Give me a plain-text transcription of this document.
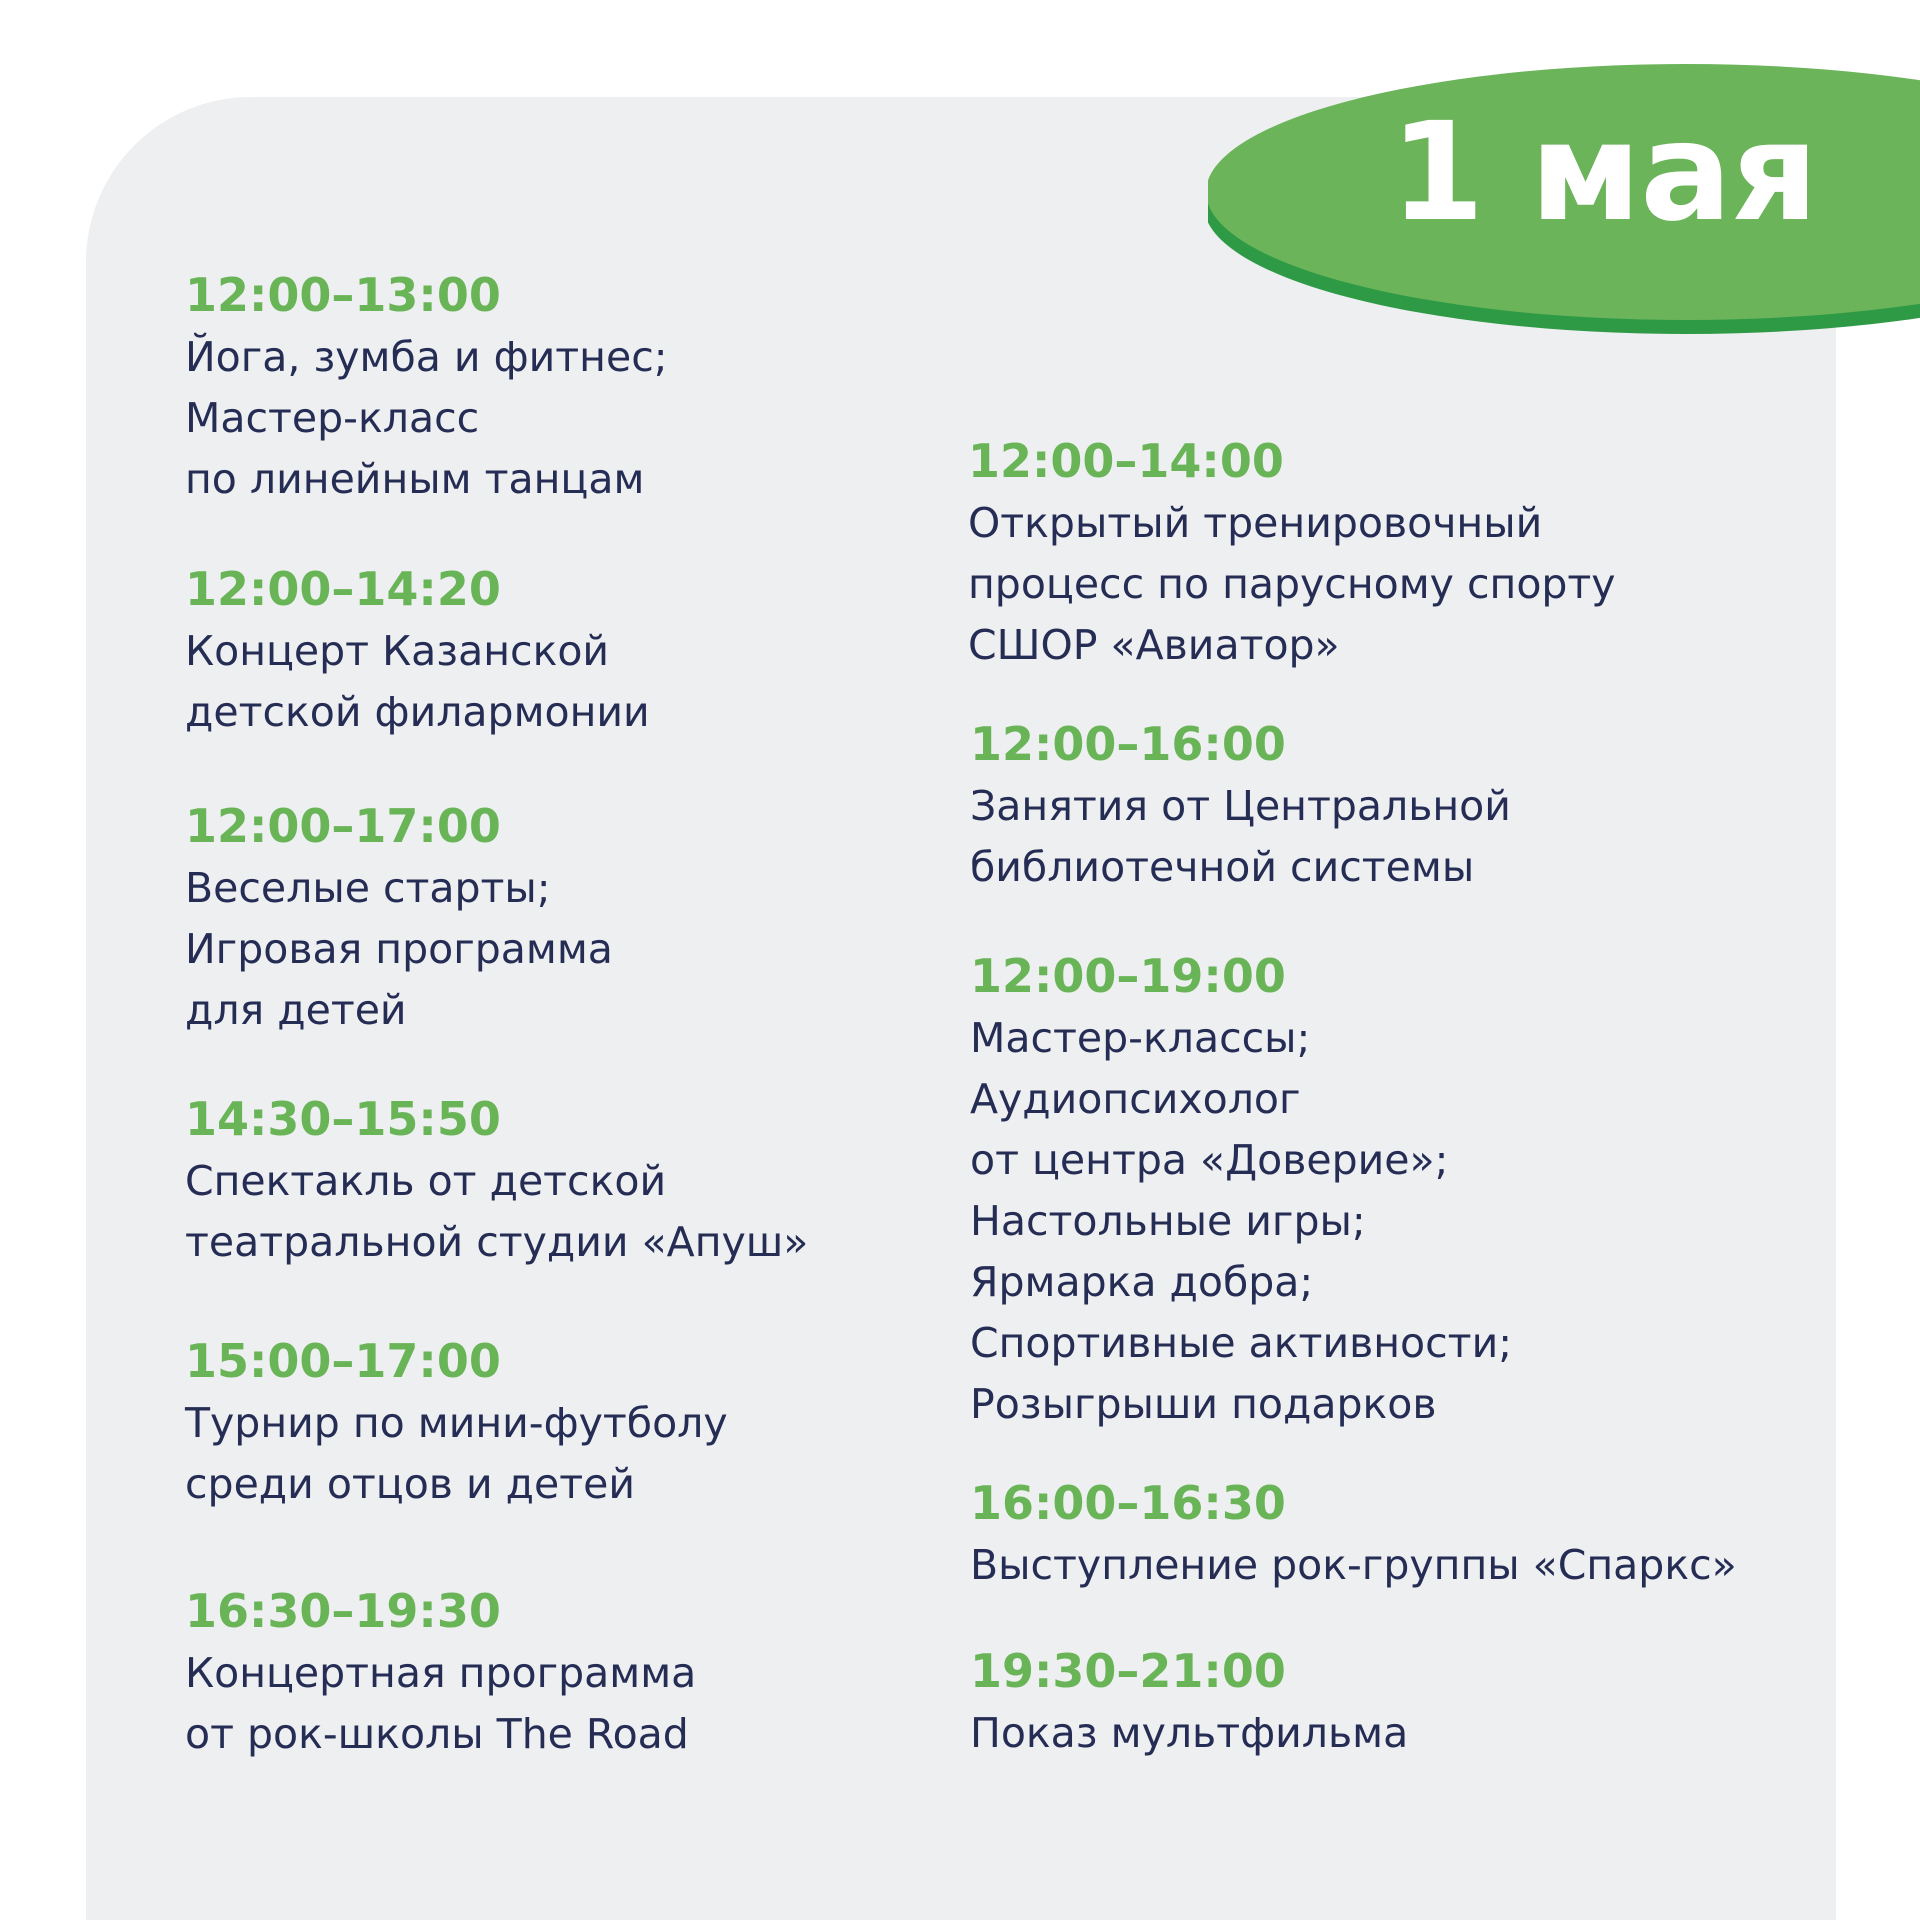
1 мая
12:00–13:00
Йога, зумба и фитнес;
Мастер-класс
по линейным танцам
12:00–14:20
Концерт Казанской
детской филармонии
12:00–17:00
Веселые старты;
Игровая программа
для детей
14:30–15:50
Спектакль от детской
театральной студии «Апуш»
15:00–17:00
Турнир по мини-футболу
среди отцов и детей
16:30–19:30
Концертная программа
от рок-школы The Road
12:00–14:00
Открытый тренировочный
процесс по парусному спорту
СШОР «Авиатор»
12:00–16:00
Занятия от Центральной
библиотечной системы
12:00–19:00
Мастер-классы;
Аудиопсихолог
от центра «Доверие»;
Настольные игры;
Ярмарка добра;
Спортивные активности;
Розыгрыши подарков
16:00–16:30
Выступление рок-группы «Спаркс»
19:30–21:00
Показ мультфильма
